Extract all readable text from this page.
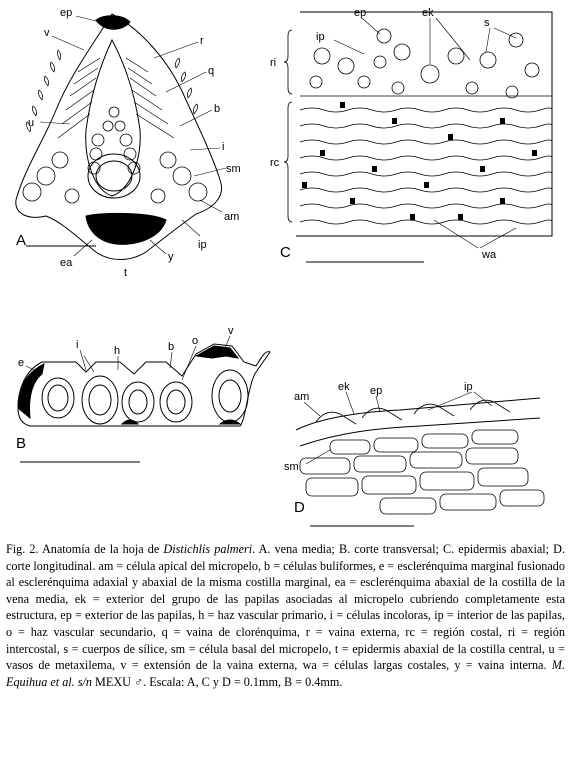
A
ep
v
r
q
u
b
i
sm
am
ip
y
ea
t
C
ep	ek
s
ip
ri
rc
wa
B
e
i	h	b o
v
D
am
ek ep	ip
sm

Fig. 2. Anatomía de la hoja de Distichlis palmeri. A. vena media; B. corte transversal; C. epidermis abaxial; D. corte longitudinal. am = célula apical del micropelo, b = células buliformes, e = esclerénquima marginal fusionado al esclerénquima adaxial y abaxial de la misma costilla marginal, ea = esclerénquima abaxial de la costilla de la vena media, ek = exterior del grupo de las papilas asociadas al micropelo cubriendo completamente esta estructura, ep = exterior de las papilas, h = haz vascular primario, i = células incoloras, ip = interior de las papilas, o = haz vascular secundario, q = vaina de clorénquima, r = vaina externa, rc = región costal, ri = región intercostal, s = cuerpos de sílice, sm = célula basal del micropelo, t = epidermis abaxial de la costilla central, u = vasos de metaxilema, v = extensión de la vaina externa, wa = células largas costales, y = vaina interna. M. Equihua et al. s/n MEXU ♂. Escala: A, C y D = 0.1mm, B = 0.4mm.
